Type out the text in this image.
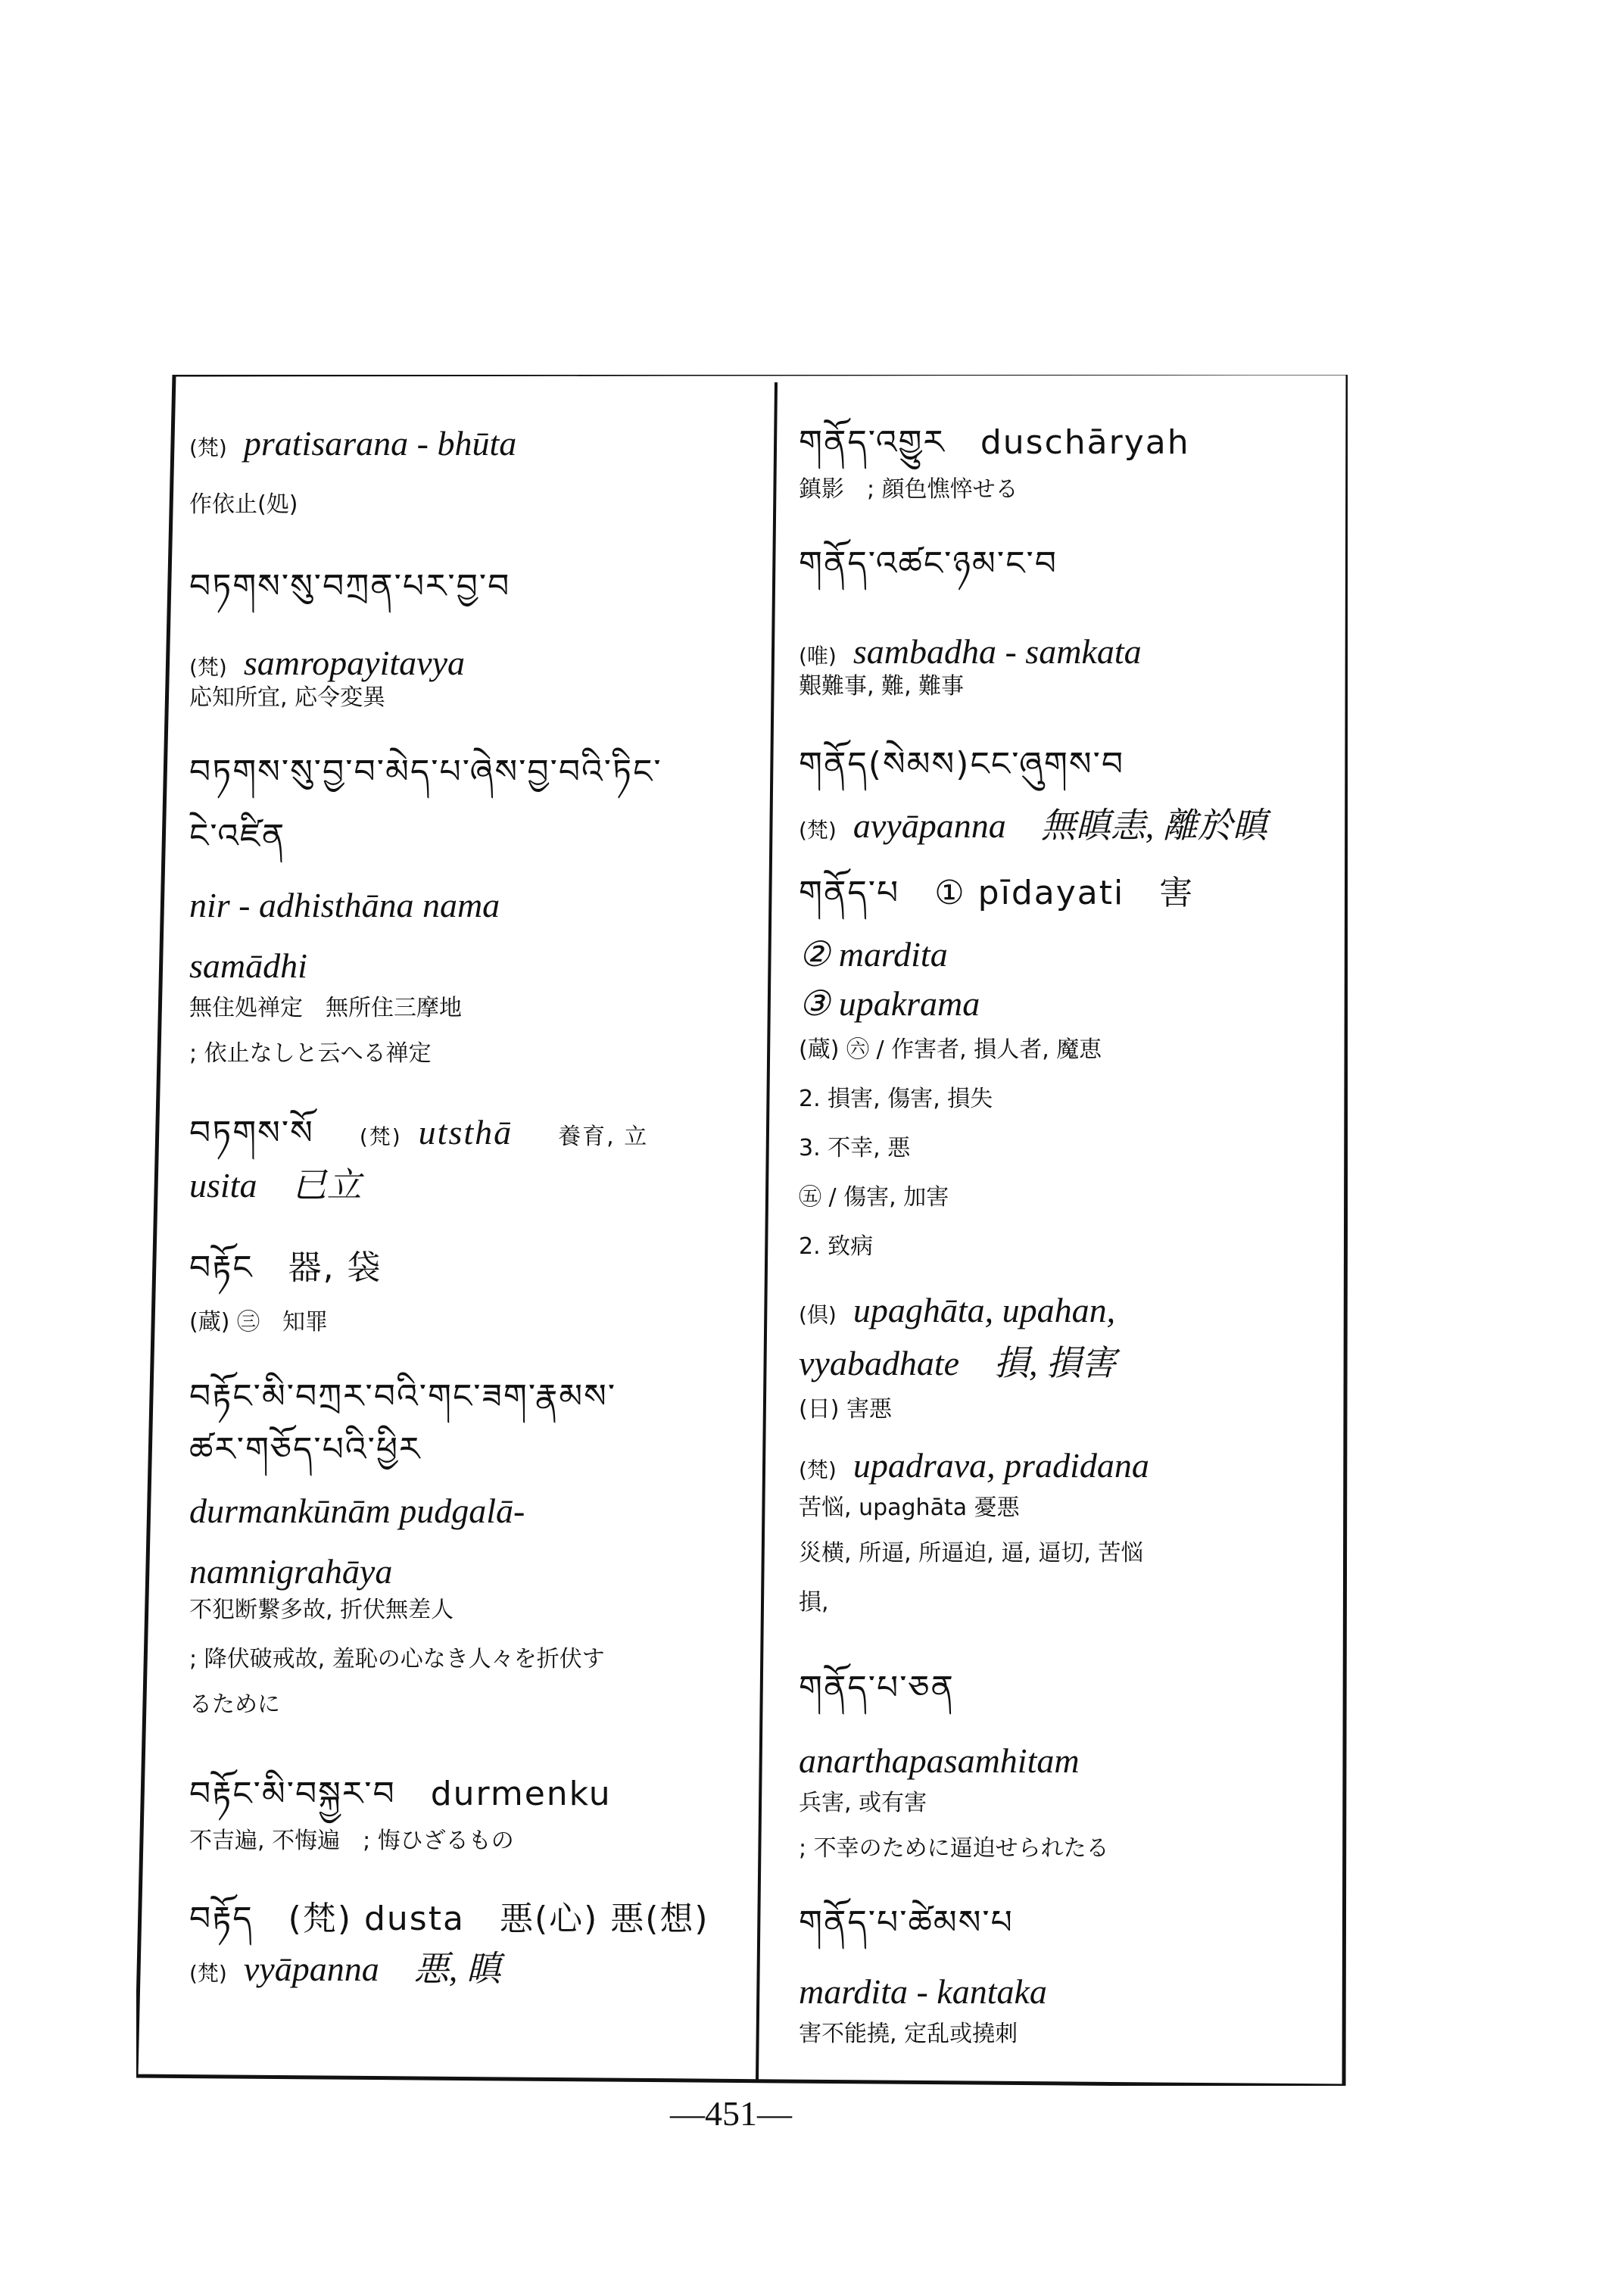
(梵) pratisarana - bhūta
作依止(処)
བཏགས་སུ་བཀྲན་པར་བྱ་བ
(梵) samropayitavya
応知所宜, 応令変異
བཏགས་སུ་བྱ་བ་མེད་པ་ཞེས་བྱ་བའི་ཏིང་
ངེ་འཛིན
nir - adhisthāna nama
samādhi
無住処禅定　無所住三摩地
; 依止なしと云へる禅定
བཏགས་སོ (梵) utsthā 養育, 立
usita　已立
བརྟོང　器, 袋
(蔵) ㊂　知罪
བརྟོང་མི་བཀྲར་བའི་གང་ཟག་རྣམས་
ཚར་གཅོད་པའི་ཕྱིར
durmankūnām pudgalā-
namnigrahāya
不犯断繋多故, 折伏無差人
; 降伏破戒故, 羞恥の心なき人々を折伏す
るために
བརྟོང་མི་བསྐྱར་བ　durmenku
不吉遍, 不悔遍　; 悔ひざるもの
བརྟོད　(梵) dusta　悪(心) 悪(想)
(梵) vyāpanna　悪, 瞋
གནོད་འགྱུར　duschāryah
鎮影　; 顔色憔悴せる
གནོད་འཚང་ཉམ་ང་བ
(唯) sambadha - samkata
艱難事, 難, 難事
གནོད(སེམས)ངང་ཞུགས་བ
(梵) avyāpanna　無瞋恚, 離於瞋
གནོད་པ　① pīdayati　害
② mardita
③ upakrama
(蔵) ㊅ / 作害者, 損人者, 魔恵
2. 損害, 傷害, 損失
3. 不幸, 悪
㊄ / 傷害, 加害
2. 致病
(倶) upaghāta, upahan,
vyabadhate　損, 損害
(日) 害悪
(梵) upadrava, pradidana
苦悩, upaghāta 憂悪
災横, 所逼, 所逼迫, 逼, 逼切, 苦悩
損,
གནོད་པ་ཅན
anarthapasamhitam
兵害, 或有害
; 不幸のために逼迫せられたる
གནོད་པ་ཚེམས་པ
mardita - kantaka
害不能撓, 定乱或撓刺
—451—
